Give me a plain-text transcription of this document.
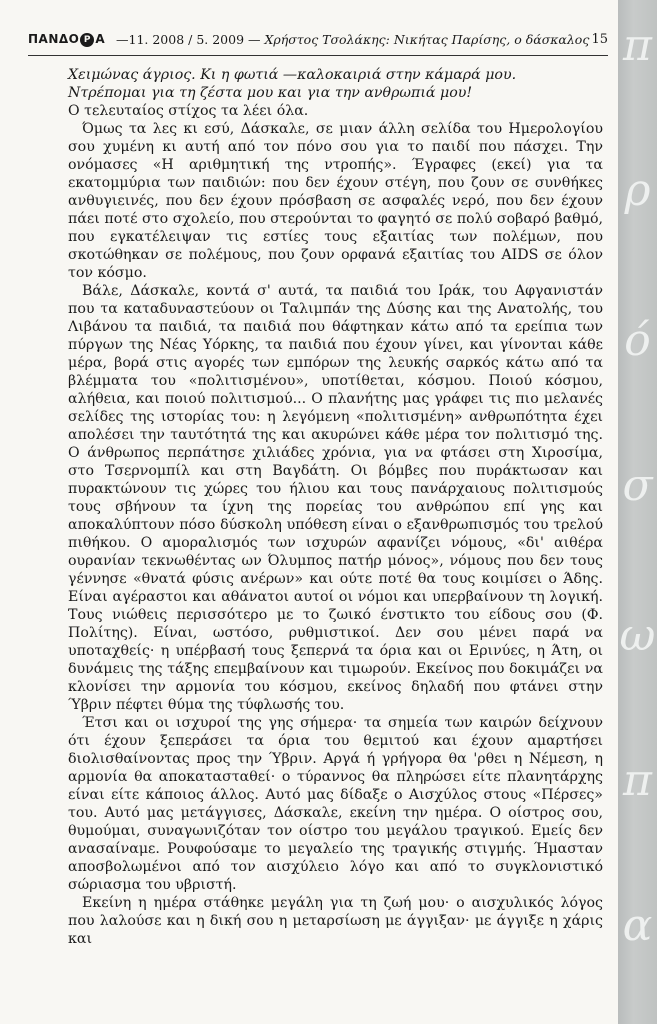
ΠΑΝΔΟ Ρ Α —11. 2008 / 5. 2009 — Χρήστος Τσολάκης: Νικήτας Παρίσης, ο δάσκαλος 15

Χειμώνας άγριος. Κι η φωτιά —καλοκαιριά στην κάμαρά μου.

Ντρέπομαι για τη ζέστα μου και για την ανθρωπιά μου!

Ο τελευταίος στίχος τα λέει όλα.

Όμως τα λες κι εσύ, Δάσκαλε, σε μιαν άλλη σελίδα του Ημερολογίου σου χυμένη κι αυτή από τον πόνο σου για το παιδί που πάσχει. Την ονόμασες «Η αριθμητική της ντροπής». Έγραφες (εκεί) για τα εκατομμύρια των παιδιών: που δεν έχουν στέγη, που ζουν σε συνθήκες ανθυγιεινές, που δεν έχουν πρόσβαση σε ασφαλές νερό, που δεν έχουν πάει ποτέ στο σχολείο, που στερούνται το φαγητό σε πολύ σοβαρό βαθμό, που εγκατέλειψαν τις εστίες τους εξαιτίας των πολέμων, που σκοτώθηκαν σε πολέμους, που ζουν ορφανά εξαιτίας του AIDS σε όλον τον κόσμο.

Βάλε, Δάσκαλε, κοντά σ' αυτά, τα παιδιά του Ιράκ, του Αφγανιστάν που τα καταδυναστεύουν οι Ταλιμπάν της Δύσης και της Ανατολής, του Λιβάνου τα παιδιά, τα παιδιά που θάφτηκαν κάτω από τα ερείπια των πύργων της Νέας Υόρκης, τα παιδιά που έχουν γίνει, και γίνονται κάθε μέρα, βορά στις αγορές των εμπόρων της λευκής σαρκός κάτω από τα βλέμματα του «πολιτισμένου», υποτίθεται, κόσμου. Ποιού κόσμου, αλήθεια, και ποιού πολιτισμού... Ο πλανήτης μας γράφει τις πιο μελανές σελίδες της ιστορίας του: η λεγόμενη «πολιτισμένη» ανθρωπότητα έχει απολέσει την ταυτότητά της και ακυρώνει κάθε μέρα τον πολιτισμό της. Ο άνθρωπος περπάτησε χιλιάδες χρόνια, για να φτάσει στη Χιροσίμα, στο Τσερνομπίλ και στη Βαγδάτη. Οι βόμβες που πυράκτωσαν και πυρακτώνουν τις χώρες του ήλιου και τους πανάρχαιους πολιτισμούς τους σβήνουν τα ίχνη της πορείας του ανθρώπου επί γης και αποκαλύπτουν πόσο δύσκολη υπόθεση είναι ο εξανθρωπισμός του τρελού πιθήκου. Ο αμοραλισμός των ισχυρών αφανίζει νόμους, «δι' αιθέρα ουρανίαν τεκνωθέντας ων Όλυμπος πατήρ μόνος», νόμους που δεν τους γέννησε «θνατά φύσις ανέρων» και ούτε ποτέ θα τους κοιμίσει ο Άδης. Είναι αγέραστοι και αθάνατοι αυτοί οι νόμοι και υπερβαίνουν τη λογική. Τους νιώθεις περισσότερο με το ζωικό ένστικτο του είδους σου (Φ. Πολίτης). Είναι, ωστόσο, ρυθμιστικοί. Δεν σου μένει παρά να υποταχθείς· η υπέρβασή τους ξεπερνά τα όρια και οι Ερινύες, η Άτη, οι δυνάμεις της τάξης επεμβαίνουν και τιμωρούν. Εκείνος που δοκιμάζει να κλονίσει την αρμονία του κόσμου, εκείνος δηλαδή που φτάνει στην Ύβριν πέφτει θύμα της τύφλωσής του.

Έτσι και οι ισχυροί της γης σήμερα· τα σημεία των καιρών δείχνουν ότι έχουν ξεπεράσει τα όρια του θεμιτού και έχουν αμαρτήσει διολισθαίνοντας προς την Ύβριν. Αργά ή γρήγορα θα 'ρθει η Νέμεση, η αρμονία θα αποκατασταθεί· ο τύραννος θα πληρώσει είτε πλανητάρχης είναι είτε κάποιος άλλος. Αυτό μας δίδαξε ο Αισχύλος στους «Πέρσες» του. Αυτό μας μετάγγισες, Δάσκαλε, εκείνη την ημέρα. Ο οίστρος σου, θυμούμαι, συναγωνιζόταν τον οίστρο του μεγάλου τραγικού. Εμείς δεν ανασαίναμε. Ρουφούσαμε το μεγαλείο της τραγικής στιγμής. Ήμασταν αποσβολωμένοι από τον αισχύλειο λόγο και από το συγκλονιστικό σώριασμα του υβριστή.

Εκείνη η ημέρα στάθηκε μεγάλη για τη ζωή μου· ο αισχυλικός λόγος που λαλούσε και η δική σου η μεταρσίωση με άγγιξαν· με άγγιξε η χάρις και

π
ρ
ό
σ
ω
π
α
